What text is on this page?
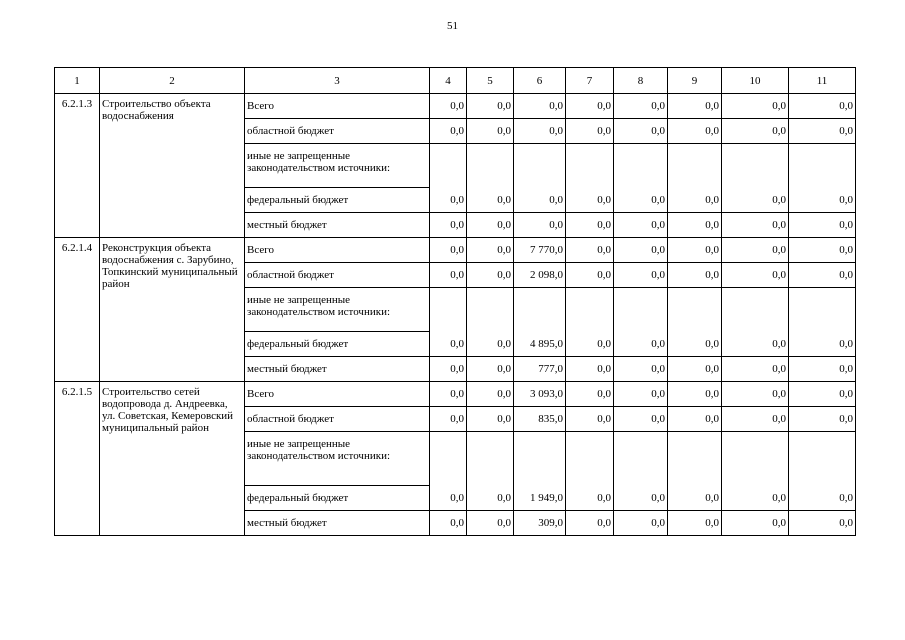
51
1	2	3	4	5	6	7	8	9	10	11
6.2.1.3	Строительство объекта водоснабжения	Всего	0,0	0,0	0,0	0,0	0,0	0,0	0,0	0,0
		областной бюджет	0,0	0,0	0,0	0,0	0,0	0,0	0,0	0,0
		иные не запрещенные законодательством источники:								
		федеральный бюджет	0,0	0,0	0,0	0,0	0,0	0,0	0,0	0,0
		местный бюджет	0,0	0,0	0,0	0,0	0,0	0,0	0,0	0,0
6.2.1.4	Реконструкция объекта водоснабжения с. Зарубино, Топкинский муниципальный район	Всего	0,0	0,0	7 770,0	0,0	0,0	0,0	0,0	0,0
		областной бюджет	0,0	0,0	2 098,0	0,0	0,0	0,0	0,0	0,0
		иные не запрещенные законодательством источники:								
		федеральный бюджет	0,0	0,0	4 895,0	0,0	0,0	0,0	0,0	0,0
		местный бюджет	0,0	0,0	777,0	0,0	0,0	0,0	0,0	0,0
6.2.1.5	Строительство сетей водопровода д. Андреевка, ул. Советская, Кемеровский муниципальный район	Всего	0,0	0,0	3 093,0	0,0	0,0	0,0	0,0	0,0
		областной бюджет	0,0	0,0	835,0	0,0	0,0	0,0	0,0	0,0
		иные не запрещенные законодательством источники:								
		федеральный бюджет	0,0	0,0	1 949,0	0,0	0,0	0,0	0,0	0,0
		местный бюджет	0,0	0,0	309,0	0,0	0,0	0,0	0,0	0,0
